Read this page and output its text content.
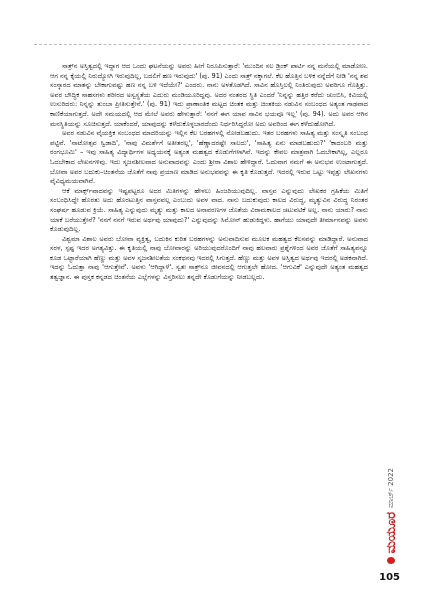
ಸಾತ್ರ್‌ನ ಅಸ್ತಿತ್ವದಲ್ಲಿ ಇದ್ದಾಗ ಆದ ಒಂದು ಘಟನೆಯನ್ನು ಅವರು ಹೀಗೆ ನಿರೂಪಿಸುತ್ತಾರೆ: 'ಮುಂದಿನ ಸಲ ಡ್ರಿಂಕ್ ಪಾರ್ಟಿ ನನ್ನ ಮನೆಯಲ್ಲಿ ಮಾಡೋಣ. ಆಗ ನನ್ನ ಕೈಯಲ್ಲಿ ನಿರುದ್ಯೋಗಿ ಇರುವುದಿಲ್ಲ, ಬದಲಿಗೆ ಹಣ ಇರುವುದು' (ಪು. 91) ಎಂದು ಸಾತ್ರ್ ನಕ್ಕಾಗಲೆ. ಕೆಲ ಹೊತ್ತಿನ ಬಳಿಕ ನನ್ನೆದೆಗೆ ನೀಡಿ 'ನನ್ನ ಶವ ಸಂಸ್ಕಾರದ ಮಾತನ್ನು ಬೇಕಾಗುವಷ್ಟು ಹಣ ನನ್ನ ಬಳಿ ಇದೆಯೇ?' ಎಂದರು. ನಾನು ಅಳತೊಡಗಿದೆ. ಸಾವಿನ ಹೊಸ್ತಿಲಲ್ಲಿ ನಿಂತಿರುವುದು ಅವರಿಗೂ ಗೊತ್ತಿತ್ತು. ಅವರ ಬೌದ್ಧಿಕ ಸಾಹಸಗಳು ಶರೀರದ ಅಸ್ವಸ್ಥತೆಯ ಎದುರು ಮಂಡಿಯೂರಿದ್ದವು. ಅದರ ನಂತರದ ಸ್ಥಿತಿ ಎಂದರೆ 'ನಿನ್ನನ್ನು ಹತ್ತಿರ ಕರೆದು ಚುಂಬಿಸಿ, ಕಿವಿಯಲ್ಲಿ ಉಸುರಿದರು: ನಿನ್ನನ್ನು ತುಂಬಾ ಪ್ರೀತಿಸುತ್ತೇನೆ.' (ಪು. 91) ಇದು ಪ್ರಾಣಾಂತಿಕ ಮಟ್ಟದ ಚಿಂತಕ ಮತ್ತು ಚಿಂತಕಿಯ ನಡುವಿನ ಸಂಬಂಧದ ಅತ್ಯಂತ ಗಾಢವಾದ ಕಾಣಿಕೆಯಾಗುತ್ತದೆ. ಅದೇ ಸಮಯದಲ್ಲಿ ಆದ ಮೇಲೆ ಅವರು ಹೇಳುತ್ತಾರೆ: 'ನನಗೆ ಈಗ ಯಾವ ಸಾವಿನ ಭಯವೂ ಇಲ್ಲ' (ಪು. 94). ಅದು ಅವರ ಆಗಿನ ಮನಸ್ಥಿತಿಯನ್ನು ಸೂಚಿಸುತ್ತದೆ. ಯಾಕೆಂದರೆ, ಯಾವುದನ್ನು ಕಳೆದುಕೊಳ್ಳಬಾರದೆಂದು ನಿರ್ಧರಿಸಿದ್ದರೋ ಅದು ಅವರಿಂದ ಈಗ ಕಳೆದುಹೋಗಿದೆ.

ಅವರ ನಡುವಿನ ವೈಯಕ್ತಿಕ ಸಂಬಂಧದ ಮಾದರಿಯನ್ನು ಇಲ್ಲಿನ ಕೆಲ ಬರಹಗಳಲ್ಲಿ ನೋಡಬಹುದು. ಇತರ ಬರಹಗಳು ಸಾಹಿತ್ಯ ಮತ್ತು ಸಂಸ್ಕೃತಿ ಸಂಬಂಧ ಪಟ್ಟಿವೆ. 'ನಾಟೋತ್ಸವ ಸ್ವಿಡಾದಿ', 'ನಾವು ವಿಮರ್ಶೆಗೆ ಅತೀತರಲ್ಲ', 'ಹೆಣ್ಣಾದರಷ್ಟೇ ಸಾಲದು', 'ಸಾಹಿತ್ಯ ಏನು ಮಾಡಬಹುದು?' 'ಕಾದಂಬರಿ ಮತ್ತು ರಂಗಭೂಮಿ' – ಇವು ಸಾಹಿತ್ಯ ವಿದ್ಯಾರ್ಥಿಗಳ ಅಧ್ಯಯನಕ್ಕೆ ಅತ್ಯಂತ ಮಹತ್ವದ ಕೊಡುಗೆಗಳಾಗಿವೆ. ಇದನ್ನು ಕೇವಲ ಮಾತ್ರವಾಗಿ ಓದಬೇಕಾಗಿಲ್ಲ, ಎಲ್ಲರೂ ಓದಬೇಕಾದ ಲೇಖನಗಳಿವು. ಇದು ಸೃಜನಶೀಲವಾದ ಅನುವಾದವನ್ನು ಎಂದು ಶ್ರೀರಾ ವಿಶಾಲ ಹೇಳಿದ್ದಾರೆ. ಓದುವಾಗ ನಮಗೆ ಈ ಅನುಭವ ಉಂಟಾಗುತ್ತದೆ. ಬೋವಾ ಅವರ ಬದುಕು–ಚಿಂತನೆಯ ಜೊತೆಗೆ ನಾವು ಪ್ರಯಾಣ ಮಾಡಿದ ಅನುಭವವನ್ನು ಈ ಕೃತಿ ಕೊಡುತ್ತದೆ. ಇದರಲ್ಲಿ ಇರುವ ಒಟ್ಟು ಇಪ್ಪತ್ತು ಲೇಖನಗಳು ವೈವಿಧ್ಯಮಯವಾಗಿವೆ.

ಆಕೆ ಮಾರ್ಕ್ಸ್‌ವಾದವನ್ನು ಇಷ್ಟಪಟ್ಟರೂ ಅದರ ಮಿತಿಗಳನ್ನು ಹೇಳಲು ಹಿಂಜರಿಯುವುದಿಲ್ಲ. ವಾಸ್ತವ ಎನ್ನುವುದು ಲೇಖಕರ ಗ್ರಹಿಕೆಯ ಮಿತಿಗೆ ಸಂಬಂಧಿಸಿದ್ದೇ ಹೊರತು ಅದು ಹೊರಟುತ್ತಿನ ವಾಸ್ತವವಲ್ಲ ಎಂಬುದು ಅವಳ ವಾದ. ನಾನು ಬದುಕುವುದು ಕಾಲದ ವಿರುದ್ಧ, ಮೃತ್ಯುವಿನ ವಿರುದ್ಧ ನಿರಂತರ ಸಂಘರ್ಷ ಹೂಡುವ ಕ್ರಿಯೆ. ಸಾಹಿತ್ಯ ಎನ್ನುವುದು ಮೃತ್ಯು ಮತ್ತು ಕಾಲದ ಅನಾವರಣಗಳ ಜೊತೆಯ ವಿರಾಮಕಾಲದ ಚಟುವಟಿಕೆ ಅಲ್ಲ. ನಾನು ಯಾರು? ನಾನು ಯಾಕೆ ಬರೆಯುತ್ತೇನೆ? 'ನನಗೆ ನನಗೆ ಇರುವ ಅರ್ಥವು ಯಾವುದು?' ಎನ್ನುವುದನ್ನು ಸಿಮೋನ್ ಹುಡುಕಿದ್ದಳು. ಹಾಗೆಯು ಯಾವುದೇ ತೀರ್ಮಾನವನ್ನು ಅವಳು ಕೊಡುವುದಿಲ್ಲ.

ವಿಶ್ವಮಾ ವಿಶಾಲ ಅವರು ಬೋವಾ ವ್ಯಕ್ತಿತ್ವ, ಬದುಕಿನ ಕುರಿತ ಬರಹಗಳನ್ನು ಅನುವಾದಿಸುವ ಮೂಲಕ ಮಹತ್ವದ ಕೆಲಸವನ್ನು ಮಾಡಿದ್ದಾರೆ. ಅನುವಾದ ಸರಳ, ಸ್ಪಷ್ಟ ಇದರ ಅಗತ್ಯವಿತ್ತು. ಈ ಕೃತಿಯಲ್ಲಿ ನಾವು ಬೋವಾರನ್ನು ಅರಿಯುವುದರೊಂದಿಗೆ ನಾವು ಹಲವಾರು ಪ್ರಶ್ನೆಗಳಿಂದ ಅವರ ಜೊತೆಗೆ ಸಾಹಿತ್ಯವನ್ನೂ ಕೂಡ ಒಟ್ಟಾರೆಯಾಗಿ ಹೆಣ್ಣು ಮತ್ತು ಅವಳ ಸೃಜನಶೀಲತೆಯ ಸಂಕಥನವು ಇದರಲ್ಲಿ ಸಿಗುತ್ತದೆ. ಹೆಣ್ಣು ಮತ್ತು ಅವಳ ಅಸ್ತಿತ್ವದ ಅರ್ಥವು ಇದರಲ್ಲಿ ಅಡಕವಾಗಿದೆ. ಇದನ್ನು ಓದುತ್ತಾ ನಾವು 'ಆಗುತ್ತೇವೆ'. ಅವಳು 'ಆಗಿದ್ದಾಳೆ'. ಸ್ವತಃ ಸಾತ್ರ್‌ನೂ ಜೀವನದಲ್ಲಿ ಆಗುತ್ತಲೇ ಹೋದ. 'ಆಗುವಿಕೆ' ಎನ್ನುವುದೇ ಅತ್ಯಂತ ಮಹತ್ವದ ತತ್ವಜ್ಞಾನ. ಈ ಪುಸ್ತಕ ಕನ್ನಡದ ಚಿಂತನೆಯ ಎಲ್ಲೆಗಳನ್ನು ವಿಸ್ತರಿಸಲು ತನ್ನದೇ ಕೊಡುಗೆಯನ್ನು ನೀಡಬಲ್ಲದು.

ಮಾರ್ಚ್ 2022
ಮಯೂರ
105
